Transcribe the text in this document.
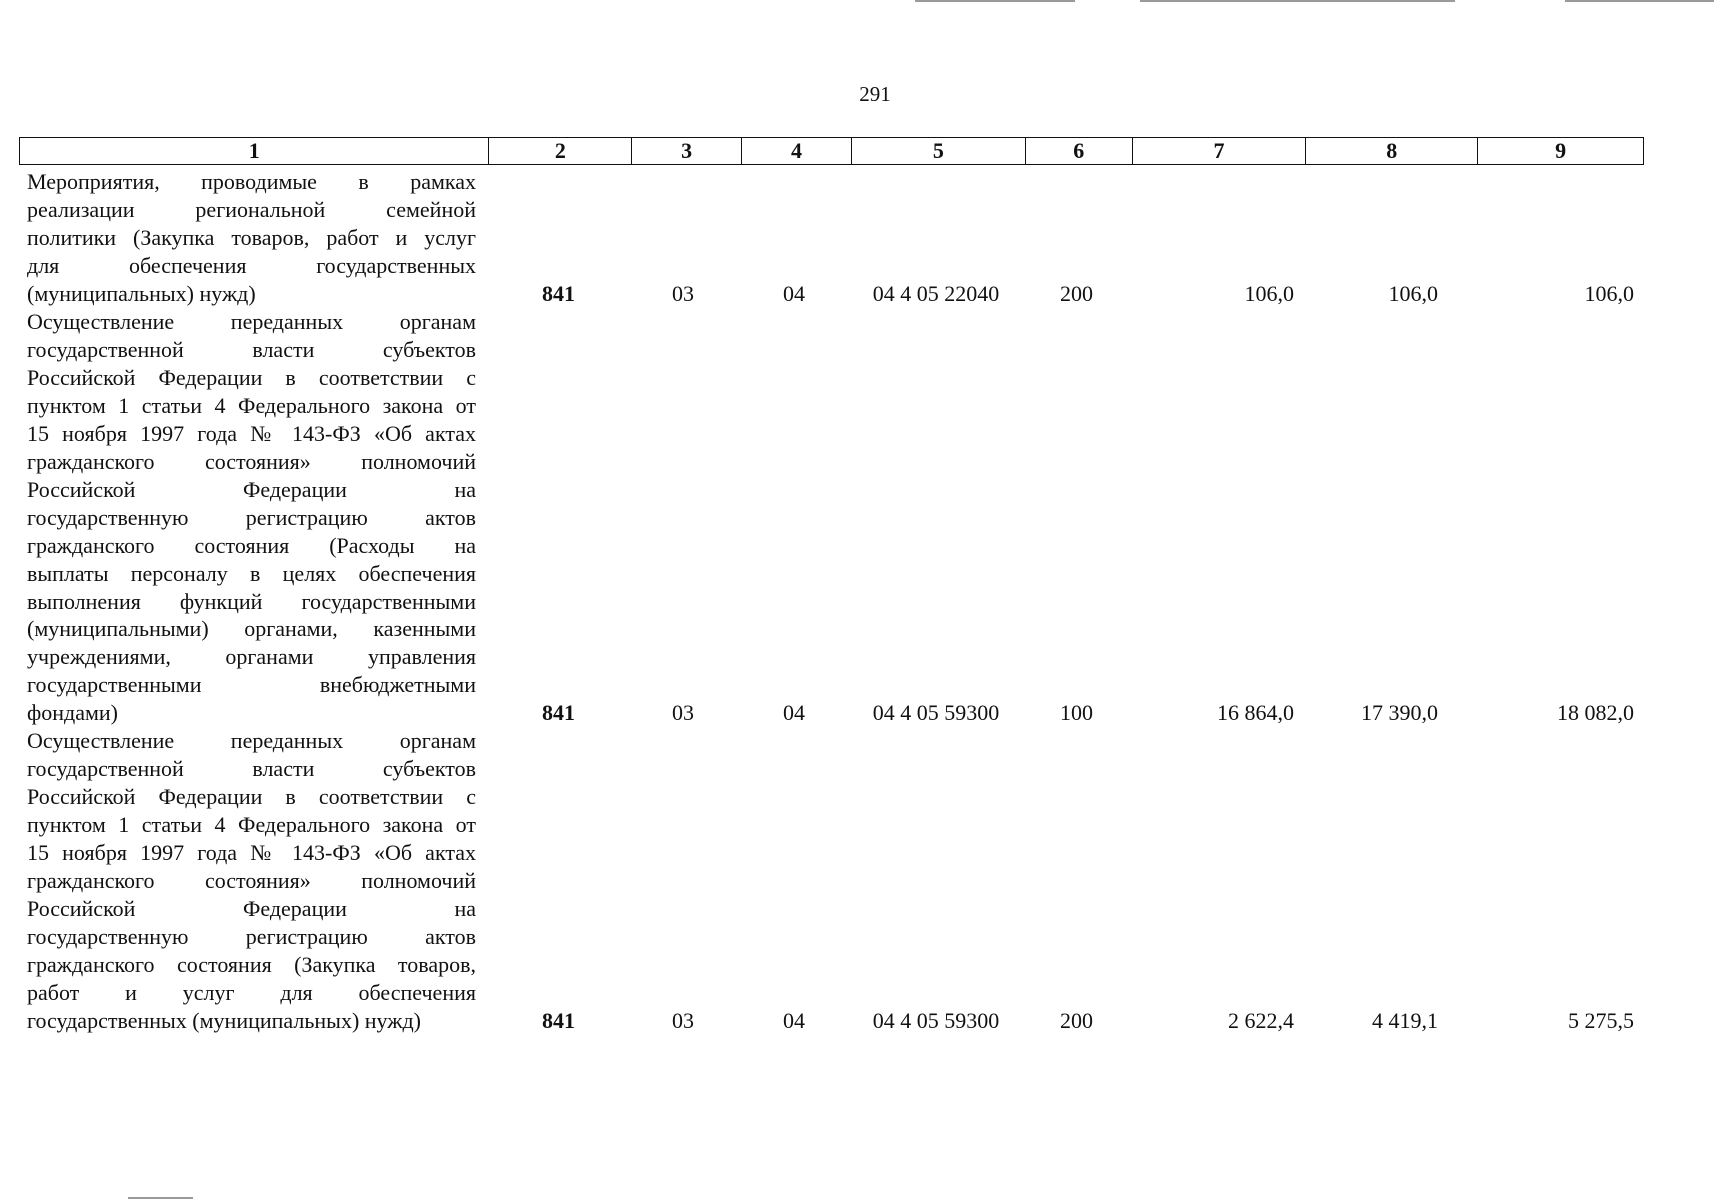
291
1	2	3	4	5	6	7	8	9
Мероприятия, проводимые в рамках
реализации региональной семейной
политики (Закупка товаров, работ и услуг
для обеспечения государственных
(муниципальных) нужд)	841	03	04	04 4 05 22040	200	106,0	106,0	106,0
Осуществление переданных органам
государственной власти субъектов
Российской Федерации в соответствии с
пунктом 1 статьи 4 Федерального закона от
15 ноября 1997 года № 143-ФЗ «Об актах
гражданского состояния» полномочий
Российской Федерации на
государственную регистрацию актов
гражданского состояния (Расходы на
выплаты персоналу в целях обеспечения
выполнения функций государственными
(муниципальными) органами, казенными
учреждениями, органами управления
государственными внебюджетными
фондами)	841	03	04	04 4 05 59300	100	16 864,0	17 390,0	18 082,0
Осуществление переданных органам
государственной власти субъектов
Российской Федерации в соответствии с
пунктом 1 статьи 4 Федерального закона от
15 ноября 1997 года № 143-ФЗ «Об актах
гражданского состояния» полномочий
Российской Федерации на
государственную регистрацию актов
гражданского состояния (Закупка товаров,
работ и услуг для обеспечения
государственных (муниципальных) нужд)	841	03	04	04 4 05 59300	200	2 622,4	4 419,1	5 275,5
